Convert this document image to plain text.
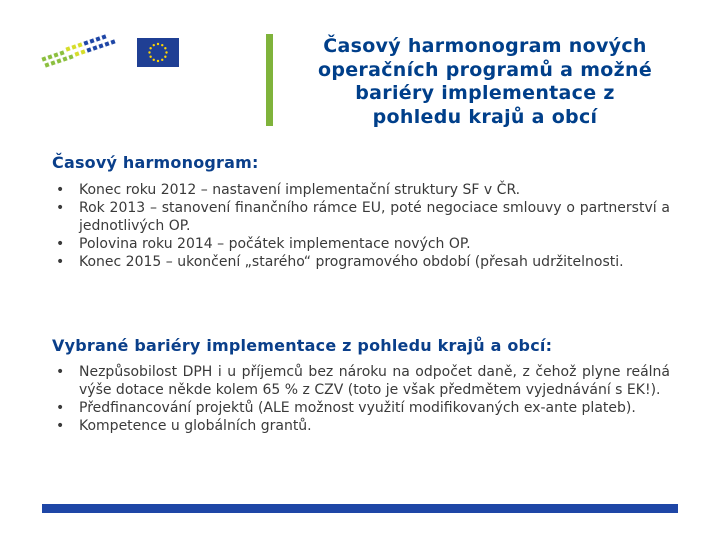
Časový harmonogram nových
operačních programů a možné
bariéry implementace z
pohledu krajů a obcí
Časový harmonogram:
• Konec roku 2012 – nastavení implementační struktury SF v ČR.
• Rok 2013 – stanovení finančního rámce EU, poté negociace smlouvy o partnerství a jednotlivých OP.
• Polovina roku 2014 – počátek implementace nových OP.
• Konec 2015 – ukončení „starého“ programového období (přesah udržitelnosti.
Vybrané bariéry implementace z pohledu krajů a obcí:
• Nezpůsobilost DPH i u příjemců bez nároku na odpočet daně, z čehož plyne reálná výše dotace někde kolem 65 % z CZV (toto je však předmětem vyjednávání s EK!).
• Předfinancování projektů (ALE možnost využití modifikovaných ex-ante plateb).
• Kompetence u globálních grantů.
